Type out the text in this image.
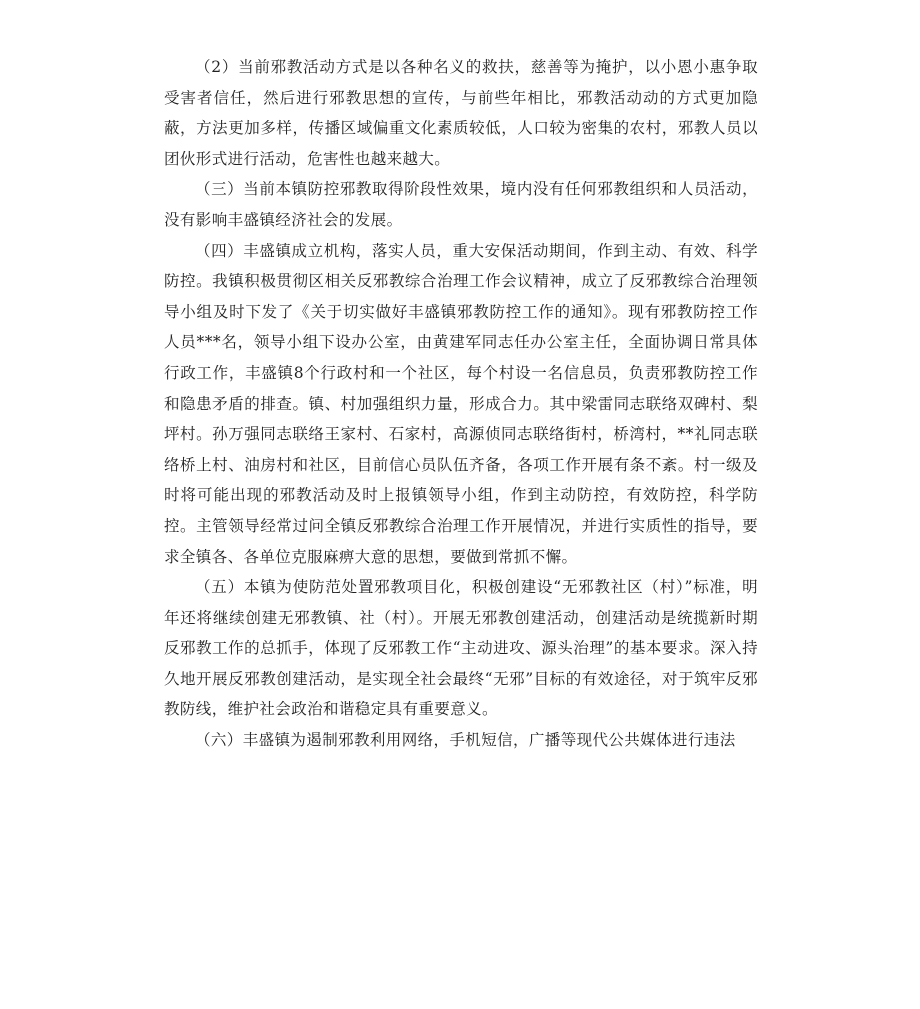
（2）当前邪教活动方式是以各种名义的救扶，慈善等为掩护，以小恩小惠争取受害者信任，然后进行邪教思想的宣传，与前些年相比，邪教活动动的方式更加隐蔽，方法更加多样，传播区域偏重文化素质较低，人口较为密集的农村，邪教人员以团伙形式进行活动，危害性也越来越大。

（三）当前本镇防控邪教取得阶段性效果，境内没有任何邪教组织和人员活动，没有影响丰盛镇经济社会的发展。

（四）丰盛镇成立机构，落实人员，重大安保活动期间，作到主动、有效、科学防控。我镇积极贯彻区相关反邪教综合治理工作会议精神，成立了反邪教综合治理领导小组及时下发了《关于切实做好丰盛镇邪教防控工作的通知》。现有邪教防控工作人员***名，领导小组下设办公室，由黄建军同志任办公室主任，全面协调日常具体行政工作，丰盛镇8个行政村和一个社区，每个村设一名信息员，负责邪教防控工作和隐患矛盾的排查。镇、村加强组织力量，形成合力。其中梁雷同志联络双碑村、梨坪村。孙万强同志联络王家村、石家村，高源侦同志联络街村，桥湾村，**礼同志联络桥上村、油房村和社区，目前信心员队伍齐备，各项工作开展有条不紊。村一级及时将可能出现的邪教活动及时上报镇领导小组，作到主动防控，有效防控，科学防控。主管领导经常过问全镇反邪教综合治理工作开展情况，并进行实质性的指导，要求全镇各、各单位克服麻痹大意的思想，要做到常抓不懈。

（五）本镇为使防范处置邪教项目化，积极创建设“无邪教社区（村）”标准，明年还将继续创建无邪教镇、社（村）。开展无邪教创建活动，创建活动是统揽新时期反邪教工作的总抓手，体现了反邪教工作“主动进攻、源头治理”的基本要求。深入持久地开展反邪教创建活动，是实现全社会最终“无邪”目标的有效途径，对于筑牢反邪教防线，维护社会政治和谐稳定具有重要意义。

（六）丰盛镇为遏制邪教利用网络，手机短信，广播等现代公共媒体进行违法
